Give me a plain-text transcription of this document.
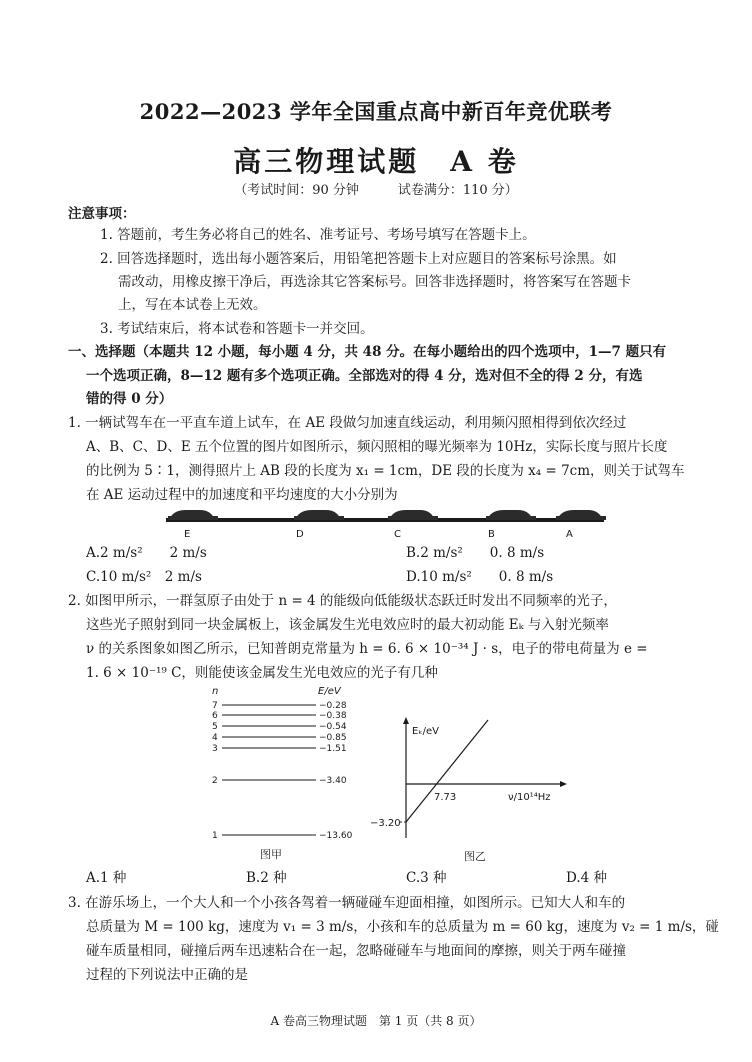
2022—2023 学年全国重点高中新百年竞优联考
高三物理试题　A 卷
（考试时间：90 分钟　　　试卷满分：110 分）
注意事项：
1. 答题前，考生务必将自己的姓名、准考证号、考场号填写在答题卡上。
2. 回答选择题时，选出每小题答案后，用铅笔把答题卡上对应题目的答案标号涂黑。如
需改动，用橡皮擦干净后，再选涂其它答案标号。回答非选择题时，将答案写在答题卡
上，写在本试卷上无效。
3. 考试结束后，将本试卷和答题卡一并交回。
一、选择题（本题共 12 小题，每小题 4 分，共 48 分。在每小题给出的四个选项中，1—7 题只有
一个选项正确，8—12 题有多个选项正确。全部选对的得 4 分，选对但不全的得 2 分，有选
错的得 0 分）
1. 一辆试驾车在一平直车道上试车，在 AE 段做匀加速直线运动，利用频闪照相得到依次经过
A、B、C、D、E 五个位置的图片如图所示，频闪照相的曝光频率为 10Hz，实际长度与照片长度
的比例为 5∶1，测得照片上 AB 段的长度为 x₁ = 1cm，DE 段的长度为 x₄ = 7cm，则关于试驾车
在 AE 运动过程中的加速度和平均速度的大小分别为
E	D	C	B	A
A.2 m/s²　　2 m/s	B.2 m/s²　　0. 8 m/s
C.10 m/s²　2 m/s	D.10 m/s²　　0. 8 m/s
2. 如图甲所示，一群氢原子由处于 n = 4 的能级向低能级状态跃迁时发出不同频率的光子，
这些光子照射到同一块金属板上，该金属发生光电效应时的最大初动能 Eₖ 与入射光频率
ν 的关系图象如图乙所示，已知普朗克常量为 h = 6. 6 × 10⁻³⁴ J · s，电子的带电荷量为 e =
1. 6 × 10⁻¹⁹ C，则能使该金属发生光电效应的光子有几种
n	E/eV
7	−0.28
6	−0.38
5	−0.54
4	−0.85
3	−1.51
2	−3.40
1	−13.60
图甲
Eₖ/eV
ν/10¹⁴Hz
7.73
−3.20
图乙
A.1 种	B.2 种	C.3 种	D.4 种
3. 在游乐场上，一个大人和一个小孩各驾着一辆碰碰车迎面相撞，如图所示。已知大人和车的
总质量为 M = 100 kg，速度为 v₁ = 3 m/s，小孩和车的总质量为 m = 60 kg，速度为 v₂ = 1 m/s，碰
碰车质量相同，碰撞后两车迅速粘合在一起，忽略碰碰车与地面间的摩擦，则关于两车碰撞
过程的下列说法中正确的是
A 卷高三物理试题　第 1 页（共 8 页）
